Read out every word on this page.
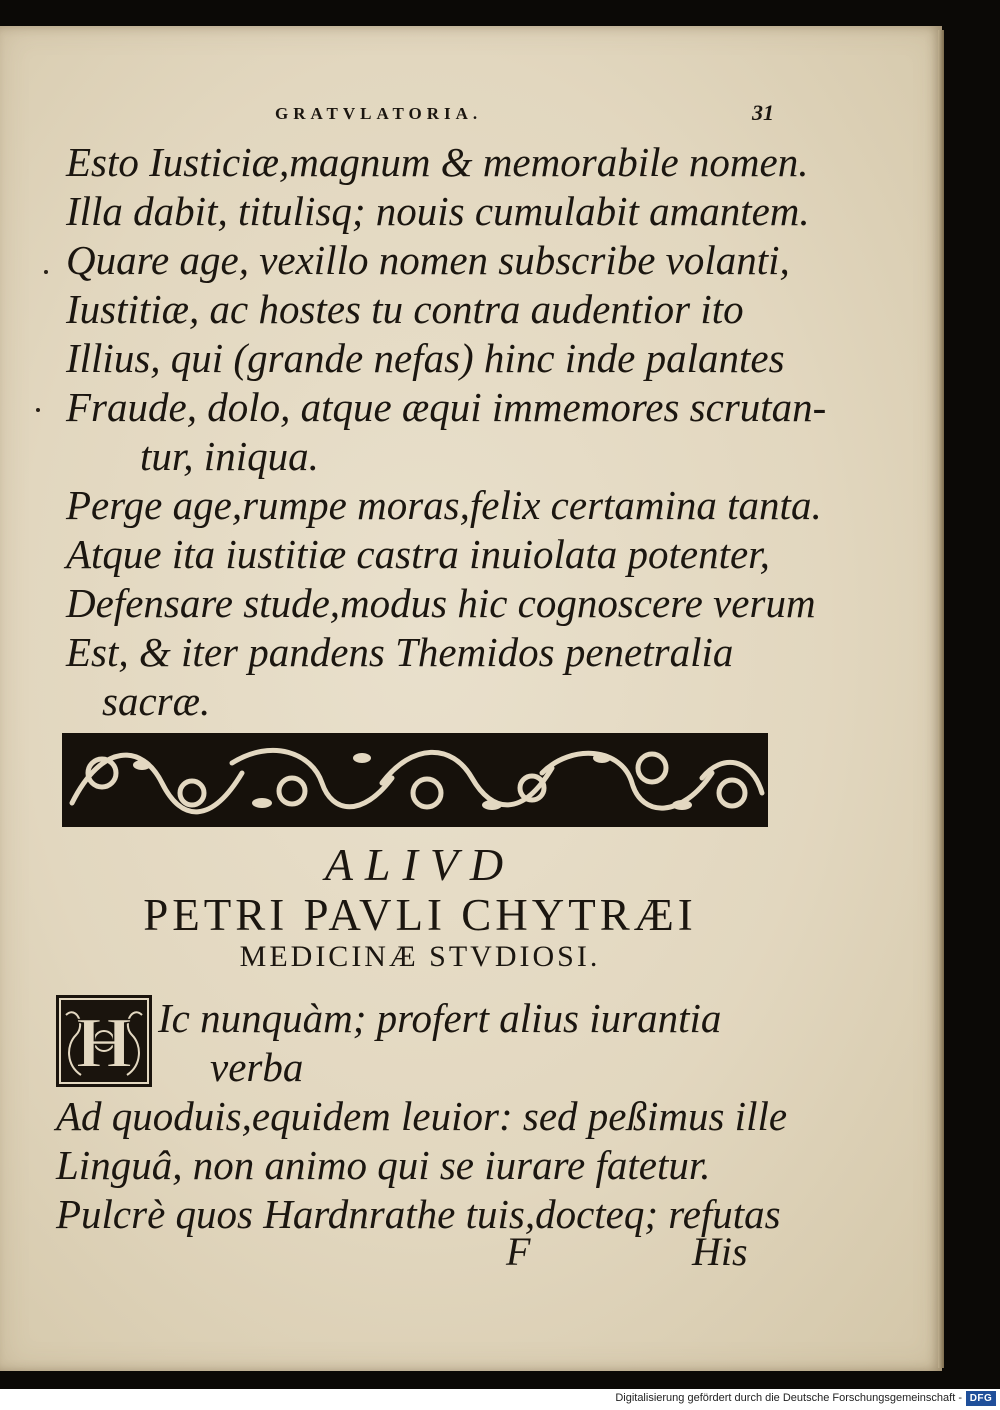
GRATVLATORIA.	31
Esto Iusticiæ,magnum & memorabile nomen.
Illa dabit, titulisq; nouis cumulabit amantem.
Quare age, vexillo nomen subscribe volanti,
Iustitiæ, ac hostes tu contra audentior ito
Illius, qui (grande nefas) hinc inde palantes
Fraude, dolo, atque æqui immemores scrutan-
tur, iniqua.
Perge age,rumpe moras,felix certamina tanta.
Atque ita iustitiæ castra inuiolata potenter,
Defensare stude,modus hic cognoscere verum
Est, & iter pandens Themidos penetralia
sacræ.
ALIVD
PETRI PAVLI CHYTRÆI
MEDICINÆ STVDIOSI.
H Ic nunquàm; profert alius iurantia
verba
Ad quoduis,equidem leuior: sed peßimus ille
Linguâ, non animo qui se iurare fatetur.
Pulcrè quos Hardnrathe tuis,docteq; refutas
F	His
Digitalisierung gefördert durch die Deutsche Forschungsgemeinschaft - DFG
